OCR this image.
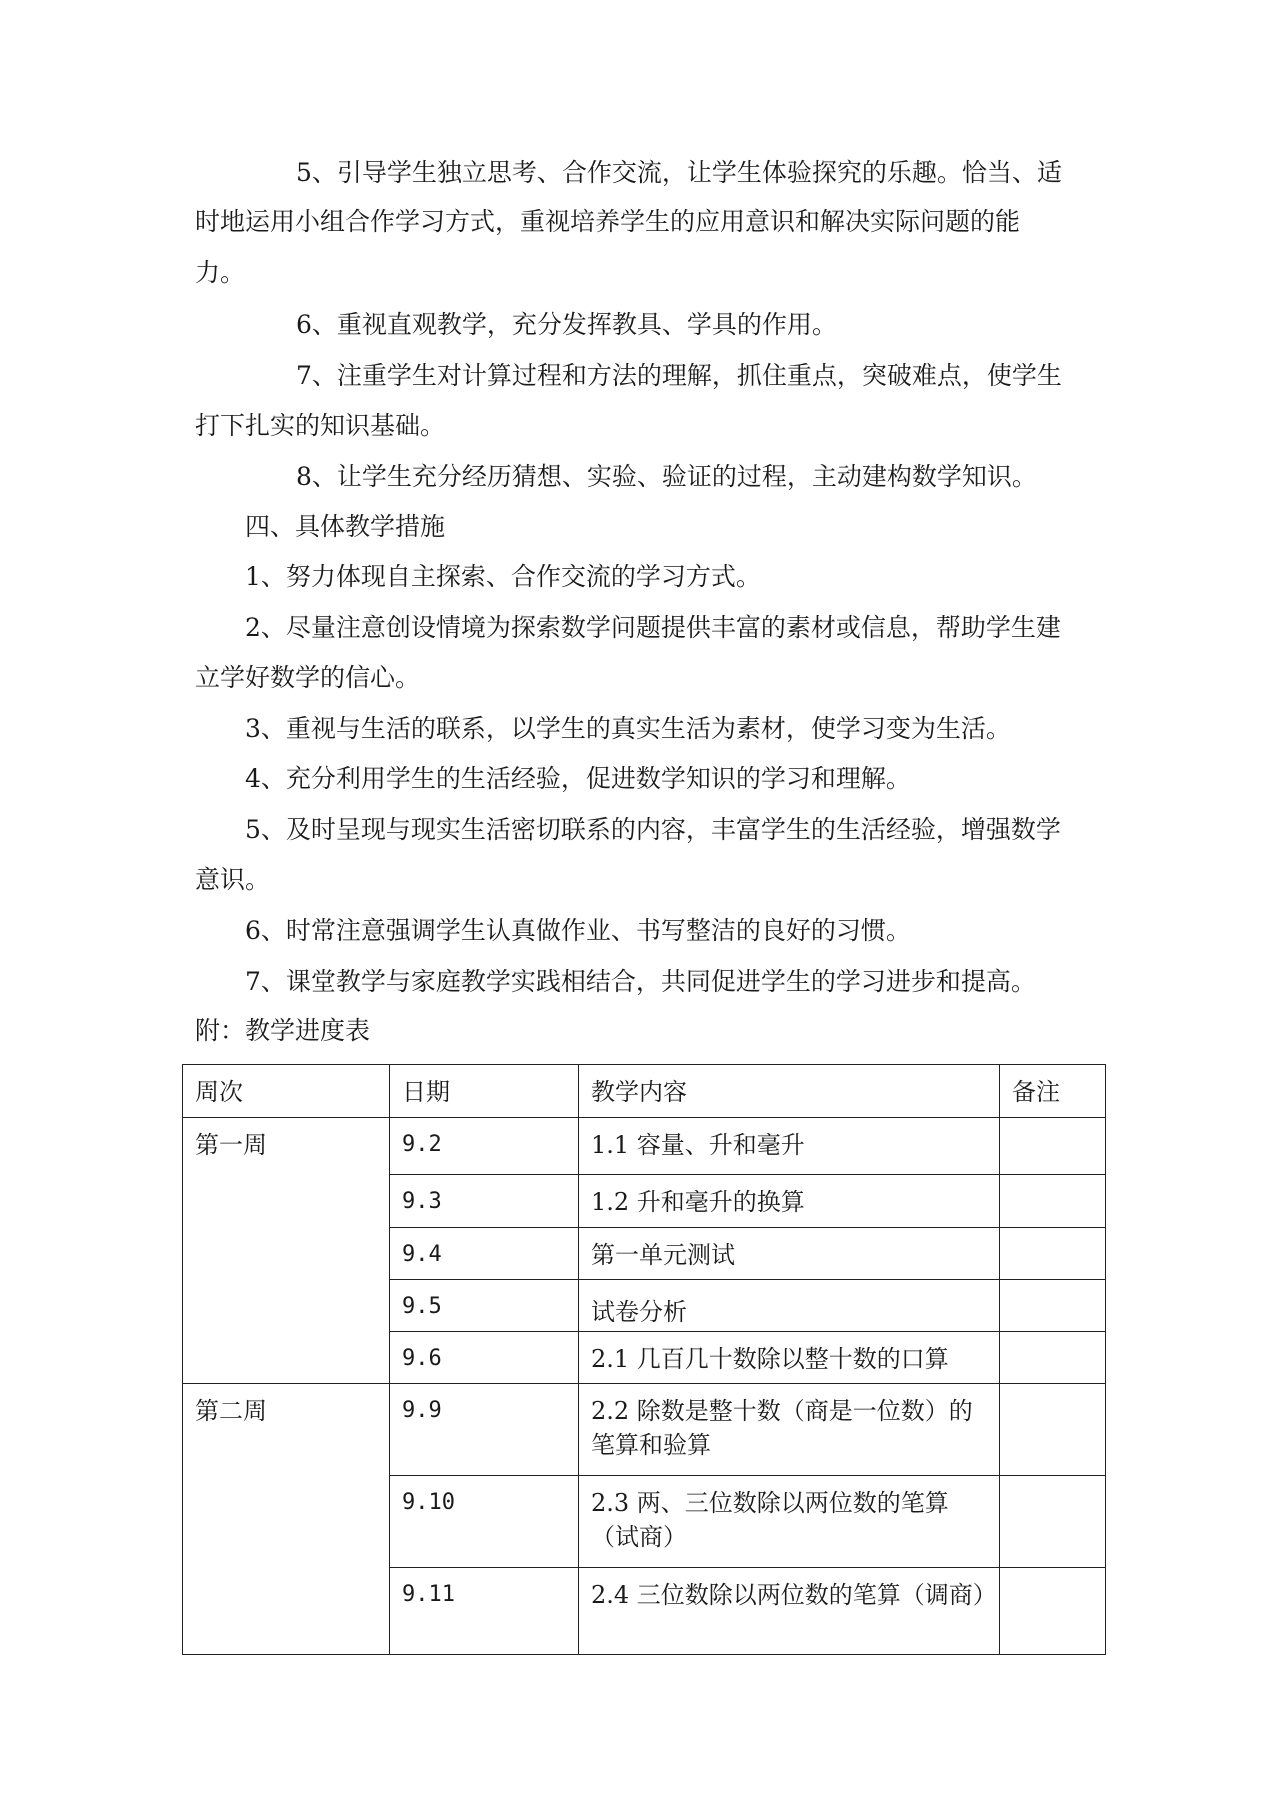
5、引导学生独立思考、合作交流，让学生体验探究的乐趣。恰当、适
时地运用小组合作学习方式，重视培养学生的应用意识和解决实际问题的能
力。
6、重视直观教学，充分发挥教具、学具的作用。
7、注重学生对计算过程和方法的理解，抓住重点，突破难点，使学生
打下扎实的知识基础。
8、让学生充分经历猜想、实验、验证的过程，主动建构数学知识。
四、具体教学措施
1、努力体现自主探索、合作交流的学习方式。
2、尽量注意创设情境为探索数学问题提供丰富的素材或信息，帮助学生建
立学好数学的信心。
3、重视与生活的联系，以学生的真实生活为素材，使学习变为生活。
4、充分利用学生的生活经验，促进数学知识的学习和理解。
5、及时呈现与现实生活密切联系的内容，丰富学生的生活经验，增强数学
意识。
6、时常注意强调学生认真做作业、书写整洁的良好的习惯。
7、课堂教学与家庭教学实践相结合，共同促进学生的学习进步和提高。
附：教学进度表
周次	日期	教学内容	备注
第一周	9.2	1.1 容量、升和毫升	
	9.3	1.2 升和毫升的换算	
	9.4	第一单元测试	
	9.5	试卷分析	
	9.6	2.1 几百几十数除以整十数的口算	
第二周	9.9	2.2 除数是整十数（商是一位数）的笔算和验算	
	9.10	2.3 两、三位数除以两位数的笔算（试商）	
	9.11	2.4 三位数除以两位数的笔算（调商）	
